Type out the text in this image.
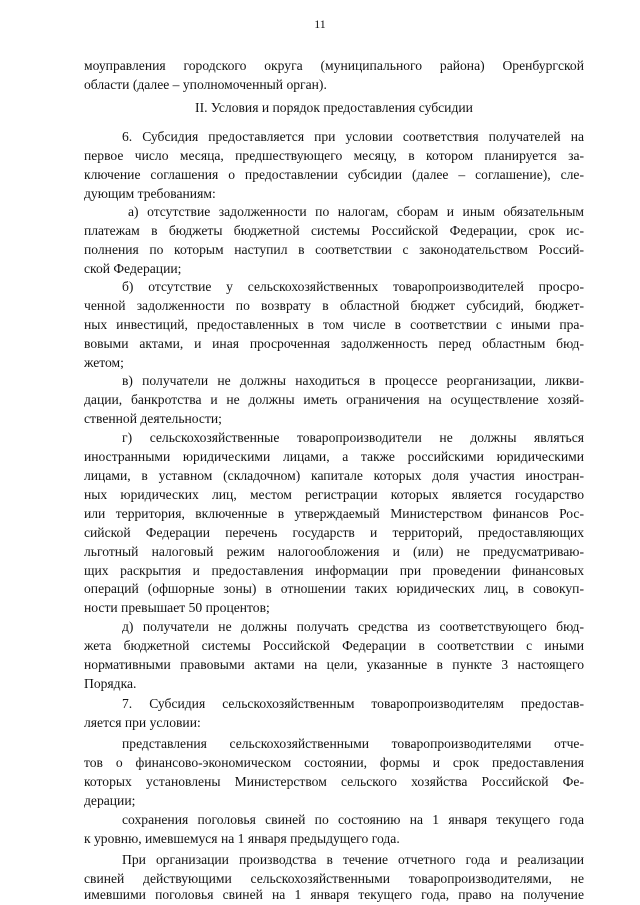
11
моуправления городского округа (муниципального района) Оренбургской
области (далее – уполномоченный орган).
II. Условия и порядок предоставления субсидии
6. Субсидия предоставляется при условии соответствия получателей на
первое число месяца, предшествующего месяцу, в котором планируется за-
ключение соглашения о предоставлении субсидии (далее – соглашение), сле-
дующим требованиям:
а) отсутствие задолженности по налогам, сборам и иным обязательным
платежам в бюджеты бюджетной системы Российской Федерации, срок ис-
полнения по которым наступил в соответствии с законодательством Россий-
ской Федерации;
б) отсутствие у сельскохозяйственных товаропроизводителей просро-
ченной задолженности по возврату в областной бюджет субсидий, бюджет-
ных инвестиций, предоставленных в том числе в соответствии с иными пра-
вовыми актами, и иная просроченная задолженность перед областным бюд-
жетом;
в) получатели не должны находиться в процессе реорганизации, ликви-
дации, банкротства и не должны иметь ограничения на осуществление хозяй-
ственной деятельности;
г) сельскохозяйственные товаропроизводители не должны являться
иностранными юридическими лицами, а также российскими юридическими
лицами, в уставном (складочном) капитале которых доля участия иностран-
ных юридических лиц, местом регистрации которых является государство
или территория, включенные в утверждаемый Министерством финансов Рос-
сийской Федерации перечень государств и территорий, предоставляющих
льготный налоговый режим налогообложения и (или) не предусматриваю-
щих раскрытия и предоставления информации при проведении финансовых
операций (офшорные зоны) в отношении таких юридических лиц, в совокуп-
ности превышает 50 процентов;
д) получатели не должны получать средства из соответствующего бюд-
жета бюджетной системы Российской Федерации в соответствии с иными
нормативными правовыми актами на цели, указанные в пункте 3 настоящего
Порядка.
7. Субсидия сельскохозяйственным товаропроизводителям предостав-
ляется при условии:
представления сельскохозяйственными товаропроизводителями отче-
тов о финансово-экономическом состоянии, формы и срок предоставления
которых установлены Министерством сельского хозяйства Российской Фе-
дерации;
сохранения поголовья свиней по состоянию на 1 января текущего года
к уровню, имевшемуся на 1 января предыдущего года.
При организации производства в течение отчетного года и реализации
свиней действующими сельскохозяйственными товаропроизводителями, не
имевшими поголовья свиней на 1 января текущего года, право на получение
